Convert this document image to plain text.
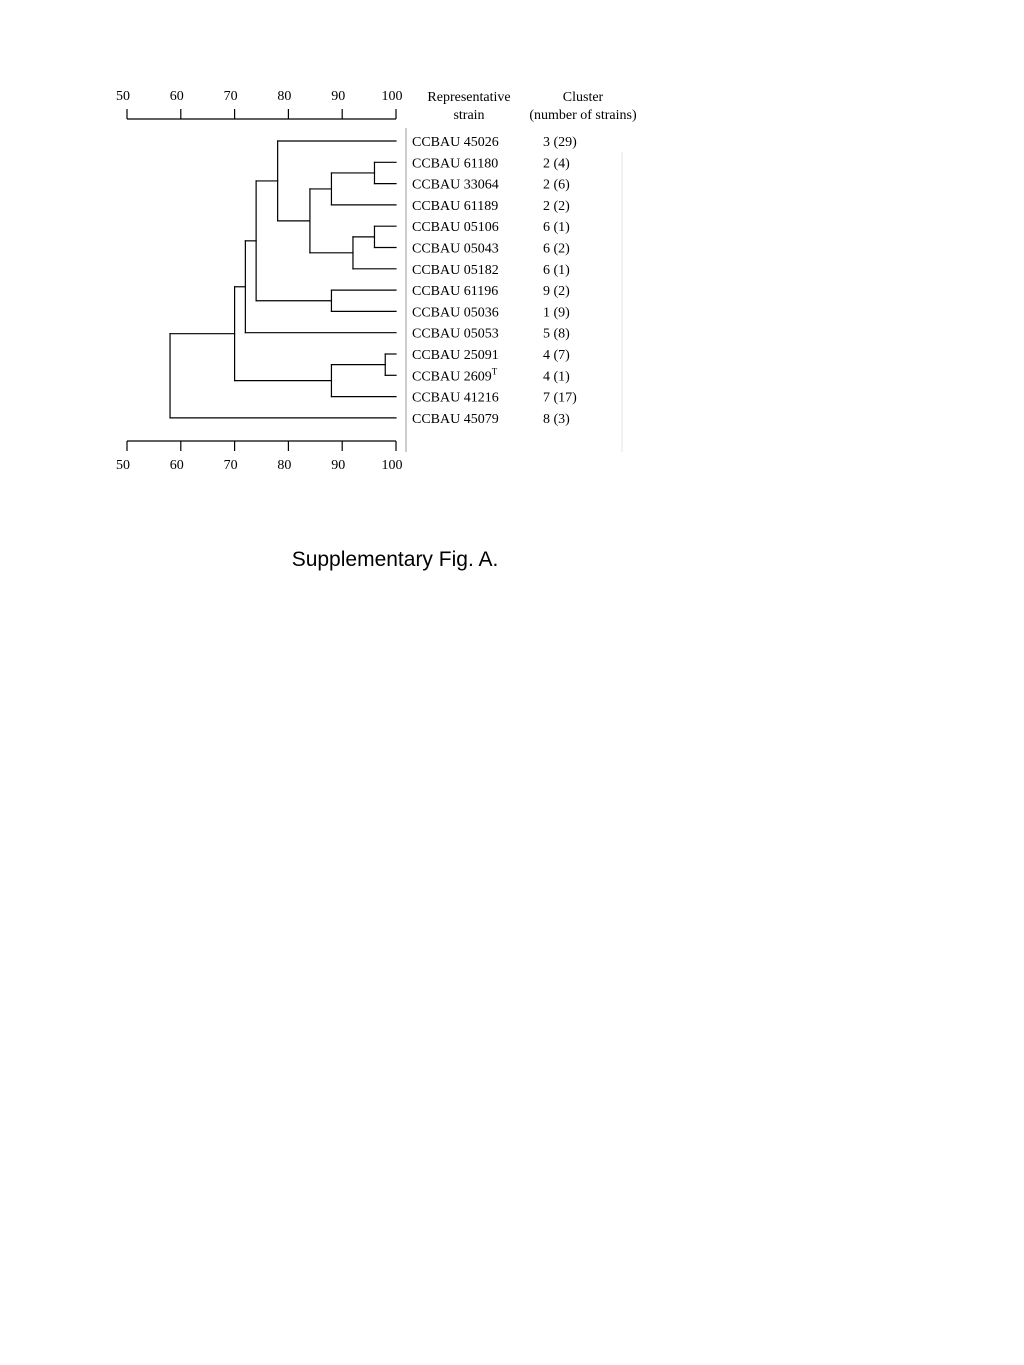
50	60	70	80	90	100
50	60	70	80	90	100
Representative
strain
Cluster
(number of strains)
CCBAU 45026	3 (29)
CCBAU 61180	2 (4)
CCBAU 33064	2 (6)
CCBAU 61189	2 (2)
CCBAU 05106	6 (1)
CCBAU 05043	6 (2)
CCBAU 05182	6 (1)
CCBAU 61196	9 (2)
CCBAU 05036	1 (9)
CCBAU 05053	5 (8)
CCBAU 25091	4 (7)
CCBAU $2609^T$	4 (1)
CCBAU 41216	7 (17)
CCBAU 45079	8 (3)
Supplementary Fig. A.
